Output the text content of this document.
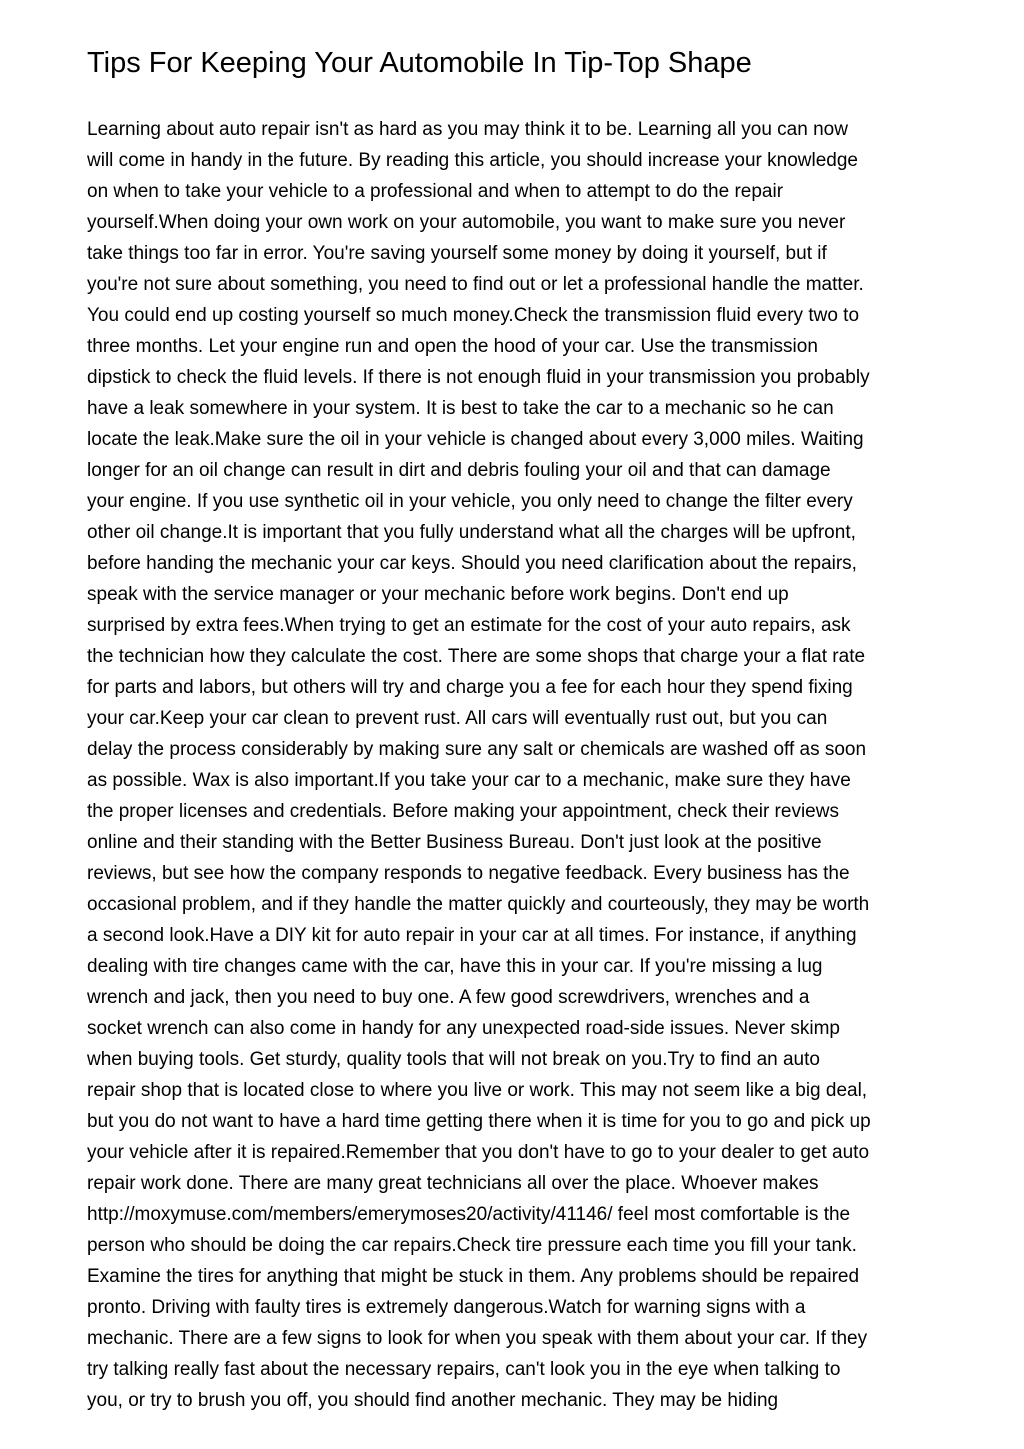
Tips For Keeping Your Automobile In Tip-Top Shape
Learning about auto repair isn't as hard as you may think it to be. Learning all you can now
will come in handy in the future. By reading this article, you should increase your knowledge
on when to take your vehicle to a professional and when to attempt to do the repair
yourself.When doing your own work on your automobile, you want to make sure you never
take things too far in error. You're saving yourself some money by doing it yourself, but if
you're not sure about something, you need to find out or let a professional handle the matter.
You could end up costing yourself so much money.Check the transmission fluid every two to
three months. Let your engine run and open the hood of your car. Use the transmission
dipstick to check the fluid levels. If there is not enough fluid in your transmission you probably
have a leak somewhere in your system. It is best to take the car to a mechanic so he can
locate the leak.Make sure the oil in your vehicle is changed about every 3,000 miles. Waiting
longer for an oil change can result in dirt and debris fouling your oil and that can damage
your engine. If you use synthetic oil in your vehicle, you only need to change the filter every
other oil change.It is important that you fully understand what all the charges will be upfront,
before handing the mechanic your car keys. Should you need clarification about the repairs,
speak with the service manager or your mechanic before work begins. Don't end up
surprised by extra fees.When trying to get an estimate for the cost of your auto repairs, ask
the technician how they calculate the cost. There are some shops that charge your a flat rate
for parts and labors, but others will try and charge you a fee for each hour they spend fixing
your car.Keep your car clean to prevent rust. All cars will eventually rust out, but you can
delay the process considerably by making sure any salt or chemicals are washed off as soon
as possible. Wax is also important.If you take your car to a mechanic, make sure they have
the proper licenses and credentials. Before making your appointment, check their reviews
online and their standing with the Better Business Bureau. Don't just look at the positive
reviews, but see how the company responds to negative feedback. Every business has the
occasional problem, and if they handle the matter quickly and courteously, they may be worth
a second look.Have a DIY kit for auto repair in your car at all times. For instance, if anything
dealing with tire changes came with the car, have this in your car. If you're missing a lug
wrench and jack, then you need to buy one. A few good screwdrivers, wrenches and a
socket wrench can also come in handy for any unexpected road-side issues. Never skimp
when buying tools. Get sturdy, quality tools that will not break on you.Try to find an auto
repair shop that is located close to where you live or work. This may not seem like a big deal,
but you do not want to have a hard time getting there when it is time for you to go and pick up
your vehicle after it is repaired.Remember that you don't have to go to your dealer to get auto
repair work done. There are many great technicians all over the place. Whoever makes
http://moxymuse.com/members/emerymoses20/activity/41146/ feel most comfortable is the
person who should be doing the car repairs.Check tire pressure each time you fill your tank.
Examine the tires for anything that might be stuck in them. Any problems should be repaired
pronto. Driving with faulty tires is extremely dangerous.Watch for warning signs with a
mechanic. There are a few signs to look for when you speak with them about your car. If they
try talking really fast about the necessary repairs, can't look you in the eye when talking to
you, or try to brush you off, you should find another mechanic. They may be hiding
